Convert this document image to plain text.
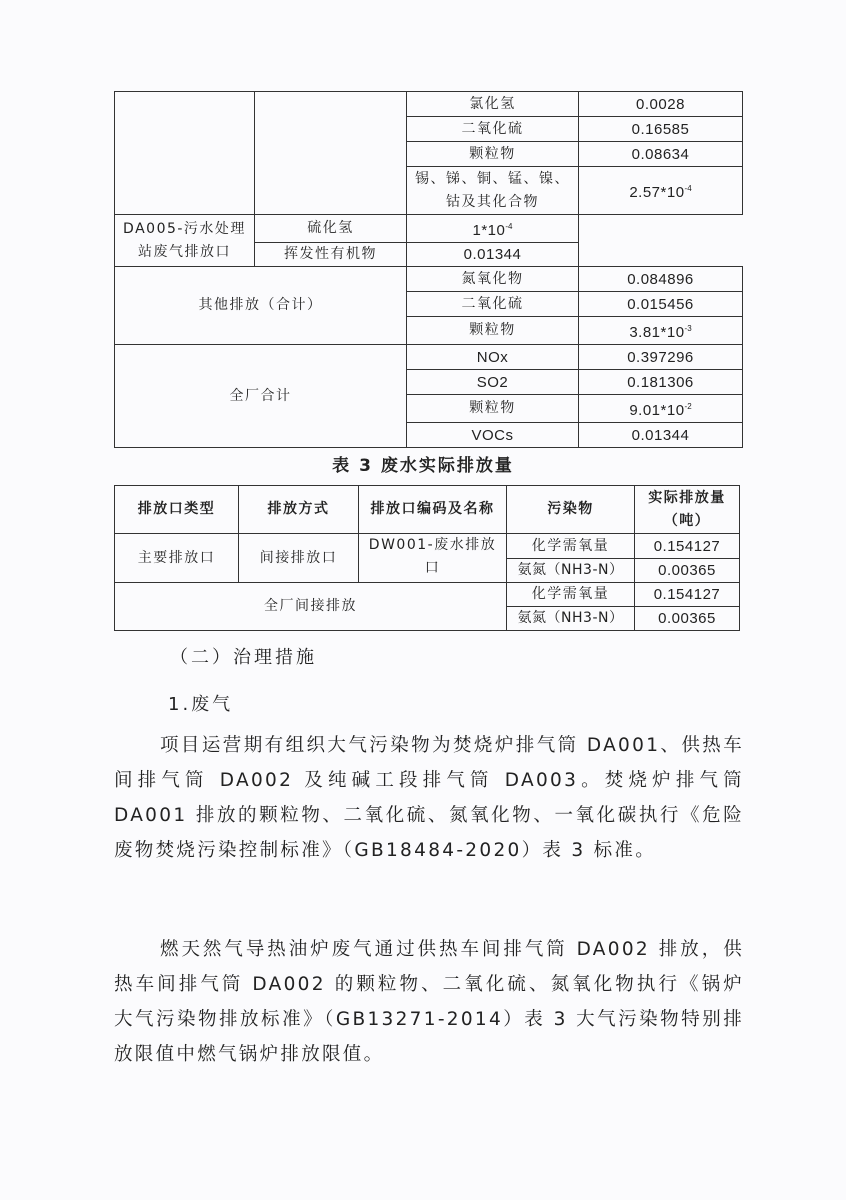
		氯化氢	0.0028
		二氧化硫	0.16585
		颗粒物	0.08634
		锡、锑、铜、锰、镍、钴及其化合物	$2.57*10^{-4}$
DA005-污水处理站废气排放口	硫化氢	$1*10^{-4}$
	挥发性有机物	0.01344	
其他排放（合计）		氮氧化物	0.084896
		二氧化硫	0.015456
		颗粒物	$3.81*10^{-3}$
全厂合计		NOx	0.397296
		SO2	0.181306
		颗粒物	$9.01*10^{-2}$
		VOCs	0.01344
表 3 废水实际排放量
排放口类型	排放方式	排放口编码及名称	污染物	实际排放量（吨）
主要排放口	间接排放口	DW001-废水排放口	化学需氧量	0.154127
			氨氮（NH3-N）	0.00365
全厂间接排放			化学需氧量	0.154127
			氨氮（NH3-N）	0.00365
（二）治理措施
1.废气
项目运营期有组织大气污染物为焚烧炉排气筒 DA001、供热车间排气筒 DA002 及纯碱工段排气筒 DA003。焚烧炉排气筒 DA001 排放的颗粒物、二氧化硫、氮氧化物、一氧化碳执行《危险废物焚烧污染控制标准》（GB18484-2020）表 3 标准。
燃天然气导热油炉废气通过供热车间排气筒 DA002 排放，供热车间排气筒 DA002 的颗粒物、二氧化硫、氮氧化物执行《锅炉大气污染物排放标准》（GB13271-2014）表 3 大气污染物特别排放限值中燃气锅炉排放限值。
